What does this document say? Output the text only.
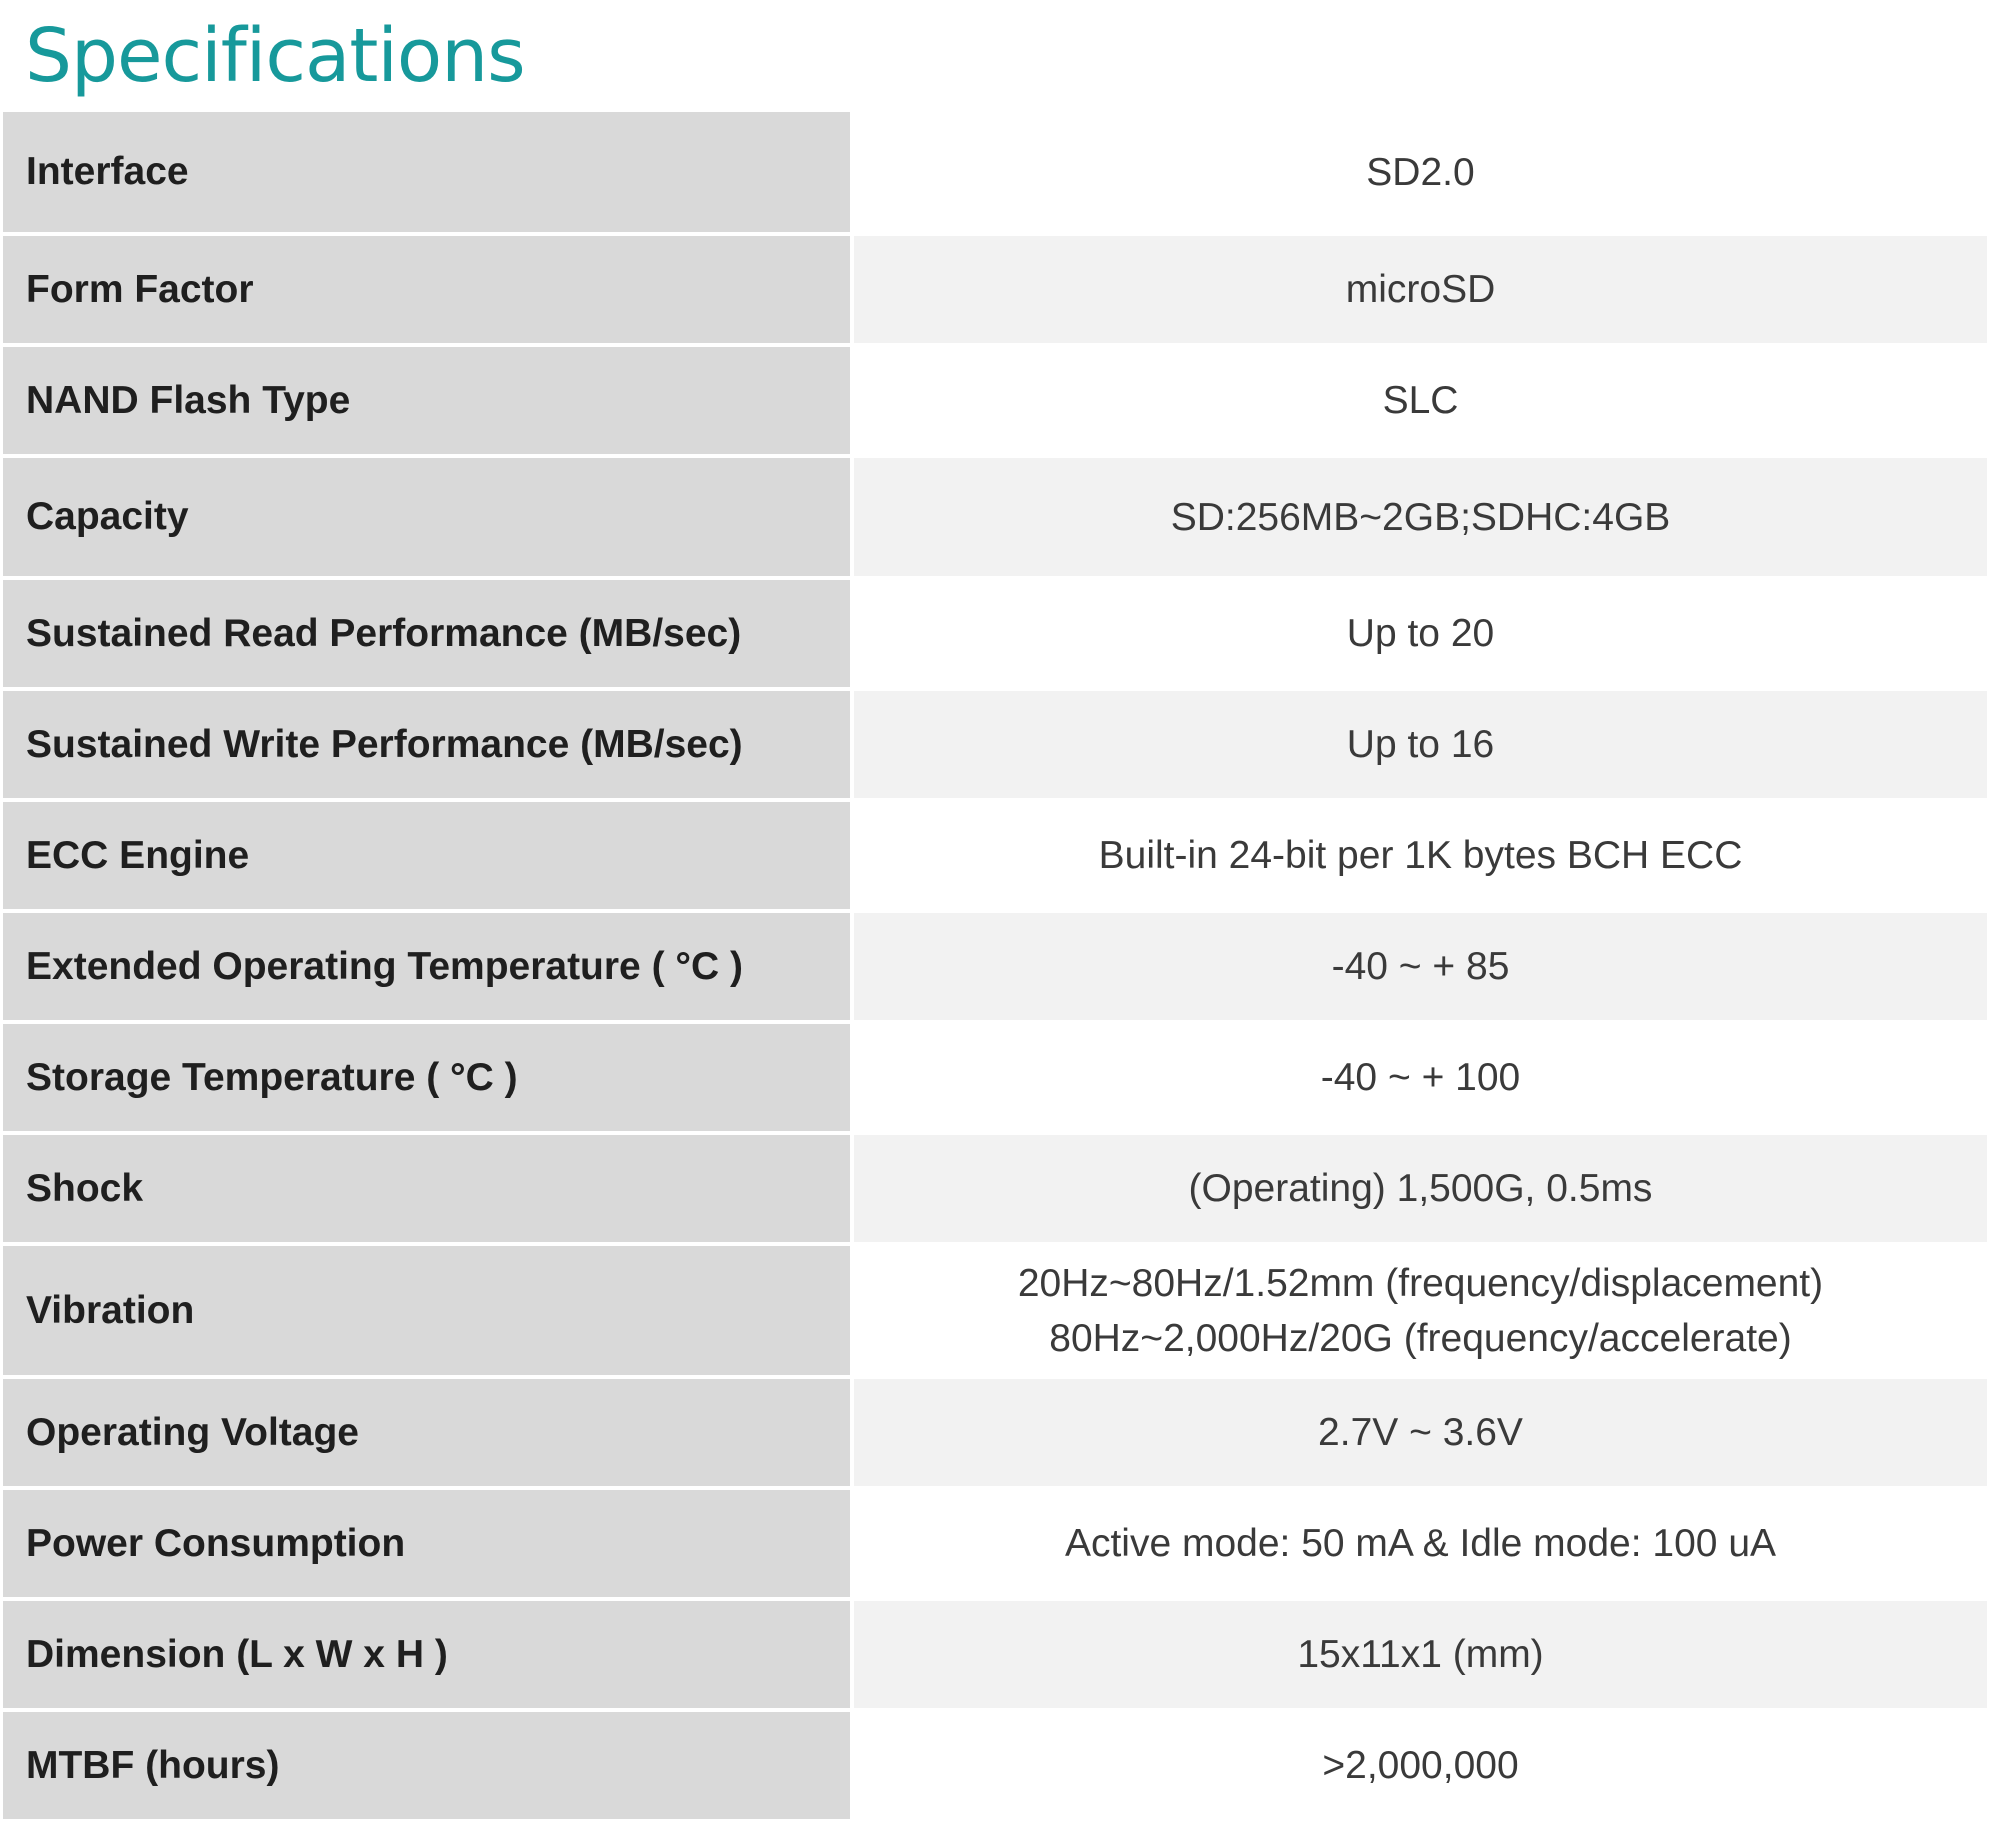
Specifications
Interface	SD2.0
Form Factor	microSD
NAND Flash Type	SLC
Capacity	SD:256MB~2GB;SDHC:4GB
Sustained Read Performance (MB/sec)	Up to 20
Sustained Write Performance (MB/sec)	Up to 16
ECC Engine	Built-in 24-bit per 1K bytes BCH ECC
Extended Operating Temperature ( °C )	-40 ~ + 85
Storage Temperature ( °C )	-40 ~ + 100
Shock	(Operating) 1,500G, 0.5ms
Vibration	20Hz~80Hz/1.52mm (frequency/displacement)
80Hz~2,000Hz/20G (frequency/accelerate)

Operating Voltage	2.7V ~ 3.6V
Power Consumption	Active mode: 50 mA & Idle mode: 100 uA
Dimension (L x W x H )	15x11x1 (mm)
MTBF (hours)	>2,000,000
